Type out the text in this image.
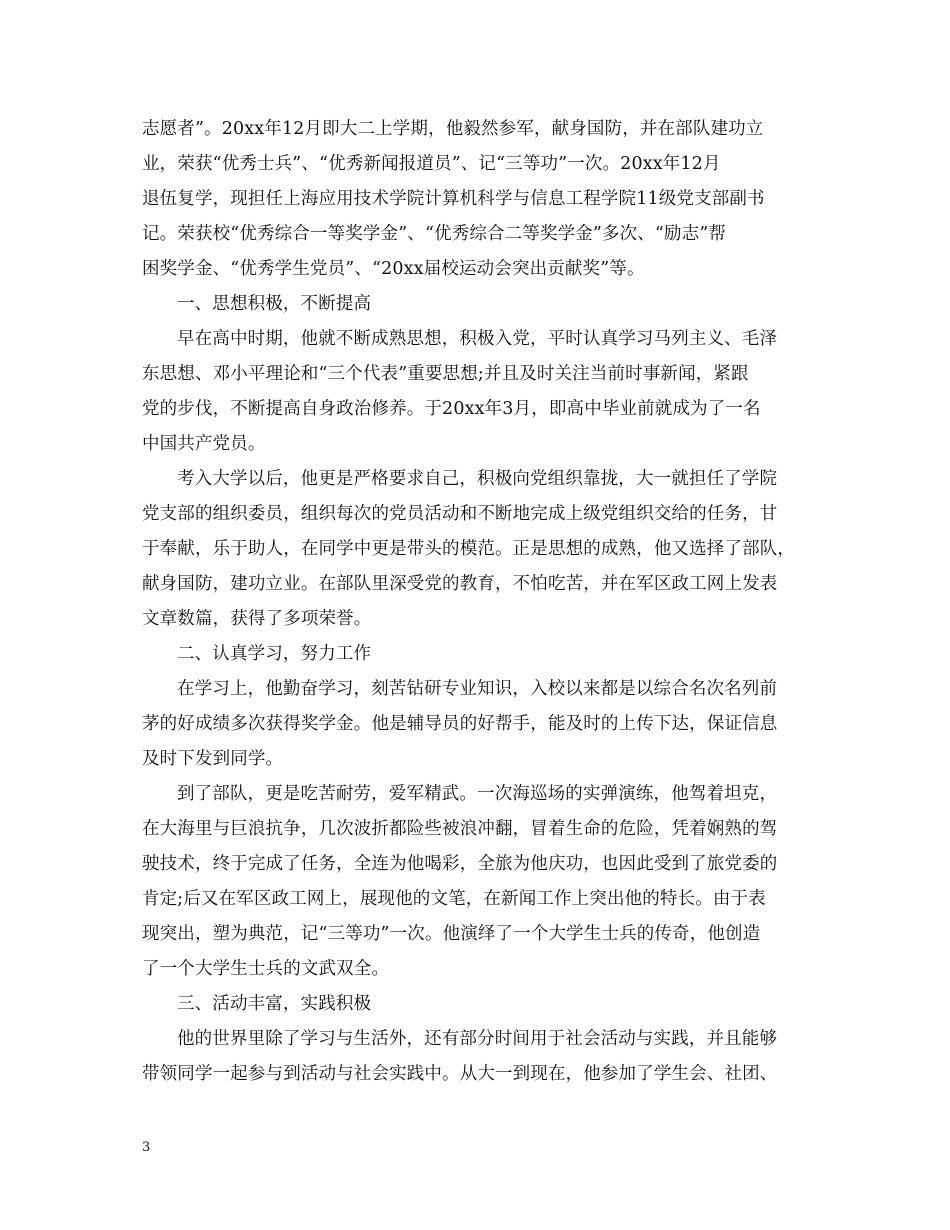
志愿者”。20xx年12月即大二上学期，他毅然参军，献身国防，并在部队建功立
业，荣获“优秀士兵”、“优秀新闻报道员”、记“三等功”一次。20xx年12月
退伍复学，现担任上海应用技术学院计算机科学与信息工程学院11级党支部副书
记。荣获校“优秀综合一等奖学金”、“优秀综合二等奖学金”多次、“励志”帮
困奖学金、“优秀学生党员”、“20xx届校运动会突出贡献奖”等。
一、思想积极，不断提高
早在高中时期，他就不断成熟思想，积极入党，平时认真学习马列主义、毛泽
东思想、邓小平理论和“三个代表”重要思想;并且及时关注当前时事新闻，紧跟
党的步伐，不断提高自身政治修养。于20xx年3月，即高中毕业前就成为了一名
中国共产党员。
考入大学以后，他更是严格要求自己，积极向党组织靠拢，大一就担任了学院
党支部的组织委员，组织每次的党员活动和不断地完成上级党组织交给的任务，甘
于奉献，乐于助人，在同学中更是带头的模范。正是思想的成熟，他又选择了部队，
献身国防，建功立业。在部队里深受党的教育，不怕吃苦，并在军区政工网上发表
文章数篇，获得了多项荣誉。
二、认真学习，努力工作
在学习上，他勤奋学习，刻苦钻研专业知识，入校以来都是以综合名次名列前
茅的好成绩多次获得奖学金。他是辅导员的好帮手，能及时的上传下达，保证信息
及时下发到同学。
到了部队，更是吃苦耐劳，爱军精武。一次海巡场的实弹演练，他驾着坦克，
在大海里与巨浪抗争，几次波折都险些被浪冲翻，冒着生命的危险，凭着娴熟的驾
驶技术，终于完成了任务，全连为他喝彩，全旅为他庆功，也因此受到了旅党委的
肯定;后又在军区政工网上，展现他的文笔，在新闻工作上突出他的特长。由于表
现突出，塑为典范，记“三等功”一次。他演绎了一个大学生士兵的传奇，他创造
了一个大学生士兵的文武双全。
三、活动丰富，实践积极
他的世界里除了学习与生活外，还有部分时间用于社会活动与实践，并且能够
带领同学一起参与到活动与社会实践中。从大一到现在，他参加了学生会、社团、
3
